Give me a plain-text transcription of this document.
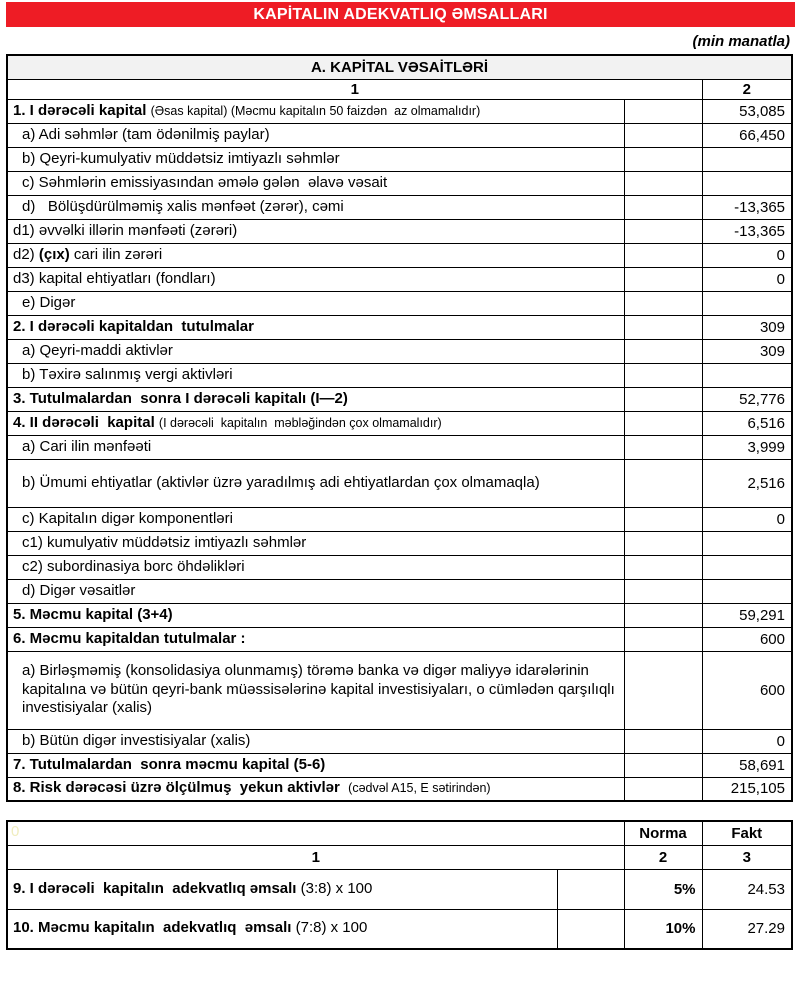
KAPİTALIN ADEKVATLIQ ƏMSALLARI
(min manatla)
A. KAPİTAL VƏSAİTLƏRİ		
1		2
1. I dərəcəli kapital (Əsas kapital) (Məcmu kapitalın 50 faizdən  az olmamalıdır)		53,085
a) Adi səhmlər (tam ödənilmiş paylar)		66,450
b) Qeyri-kumulyativ müddətsiz imtiyazlı səhmlər		
c) Səhmlərin emissiyasından əmələ gələn  əlavə vəsait		
d)   Bölüşdürülməmiş xalis mənfəət (zərər), cəmi		-13,365
d1) əvvəlki illərin mənfəəti (zərəri)		-13,365
d2) (çıx) cari ilin zərəri		0
d3) kapital ehtiyatları (fondları)		0
e) Digər		
2. I dərəcəli kapitaldan  tutulmalar		309
a) Qeyri-maddi aktivlər		309
b) Təxirə salınmış vergi aktivləri		
3. Tutulmalardan  sonra I dərəcəli kapitalı (I—2)		52,776
4. II dərəcəli  kapital (I dərəcəli  kapitalın  məbləğindən çox olmamalıdır)		6,516
a) Cari ilin mənfəəti		3,999
b) Ümumi ehtiyatlar (aktivlər üzrə yaradılmış adi ehtiyatlardan çox olmamaqla)		2,516
c) Kapitalın digər komponentləri		0
c1) kumulyativ müddətsiz imtiyazlı səhmlər		
c2) subordinasiya borc öhdəlikləri		
d) Digər vəsaitlər		
5. Məcmu kapital (3+4)		59,291
6. Məcmu kapitaldan tutulmalar :		600
a) Birləşməmiş (konsolidasiya olunmamış) törəmə banka və digər maliyyə idarələrinin kapitalına və bütün qeyri-bank müəssisələrinə kapital investisiyaları, o cümlədən qarşılıqlı investisiyalar (xalis)		600
b) Bütün digər investisiyalar (xalis)		0
7. Tutulmalardan  sonra məcmu kapital (5-6)		58,691
8. Risk dərəcəsi üzrə ölçülmuş  yekun aktivlər  (cədvəl A15, E sətirindən)		215,105
0		Norma	Fakt
1		2	3
9. I dərəcəli  kapitalın  adekvatlıq əmsalı (3:8) x 100		5%	24.53
10. Məcmu kapitalın  adekvatlıq  əmsalı (7:8) x 100		10%	27.29
